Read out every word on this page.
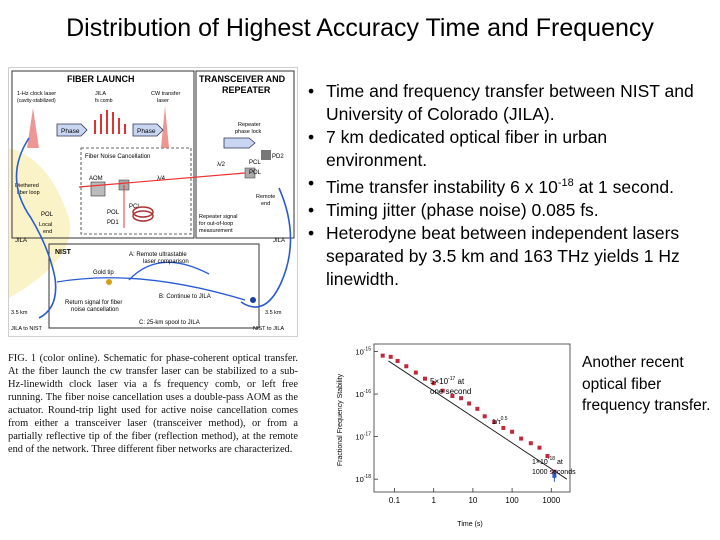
Distribution of Highest Accuracy Time and Frequency
FIBER LAUNCH	TRANSCEIVER AND
REPEATER
1-Hz clock laser
(cavity-stabilized)
JILA
fs comb
CW transfer
laser
Phase	Phase
Repeater
phase lock
PD2
PCL
POL
λ/2
Remote
end
Repeater signal
for out-of-loop
measurement
Fiber Noise Cancellation
AOM	λ/4
POL
PD1
PCL
Diethered
fiber loop
POL
Local
end
JILA	JILA
NIST	A: Remote ultrastable
laser comparison
Gold tip
Return signal for fiber
noise cancellation
B: Continue to JILA
C: 25-km spool to JILA
3.5 km
JILA to NIST
3.5 km
NIST to JILA
FIG. 1 (color online). Schematic for phase-coherent optical transfer. At the fiber launch the cw transfer laser can be stabilized to a sub-Hz-linewidth clock laser via a fs frequency comb, or left free running. The fiber noise cancellation uses a double-pass AOM as the actuator. Round-trip light used for active noise cancellation comes from either a transceiver laser (transceiver method), or from a partially reflective tip of the fiber (reflection method), at the remote end of the network. Three different fiber networks are characterized.
• Time and frequency transfer between NIST and University of Colorado (JILA).
• 7 km dedicated optical fiber in urban environment.
• Time transfer instability 6 x $10^{-18}$ at 1 second.
• Timing jitter (phase noise) 0.085 fs.
• Heterodyne beat between independent lasers separated by 3.5 km and 163 THz yields 1 Hz linewidth.
Another recent optical fiber frequency transfer.
$10^{-15}$
$10^{-16}$
$10^{-17}$
$10^{-18}$
0.1	1	10	100	1000
Time (s)
Fractional Frequency Stability	$5\times 10^{-17}$ at
one second
$1/\tau^{0.5}$
$1\times 10^{-18}$ at
1000 seconds
